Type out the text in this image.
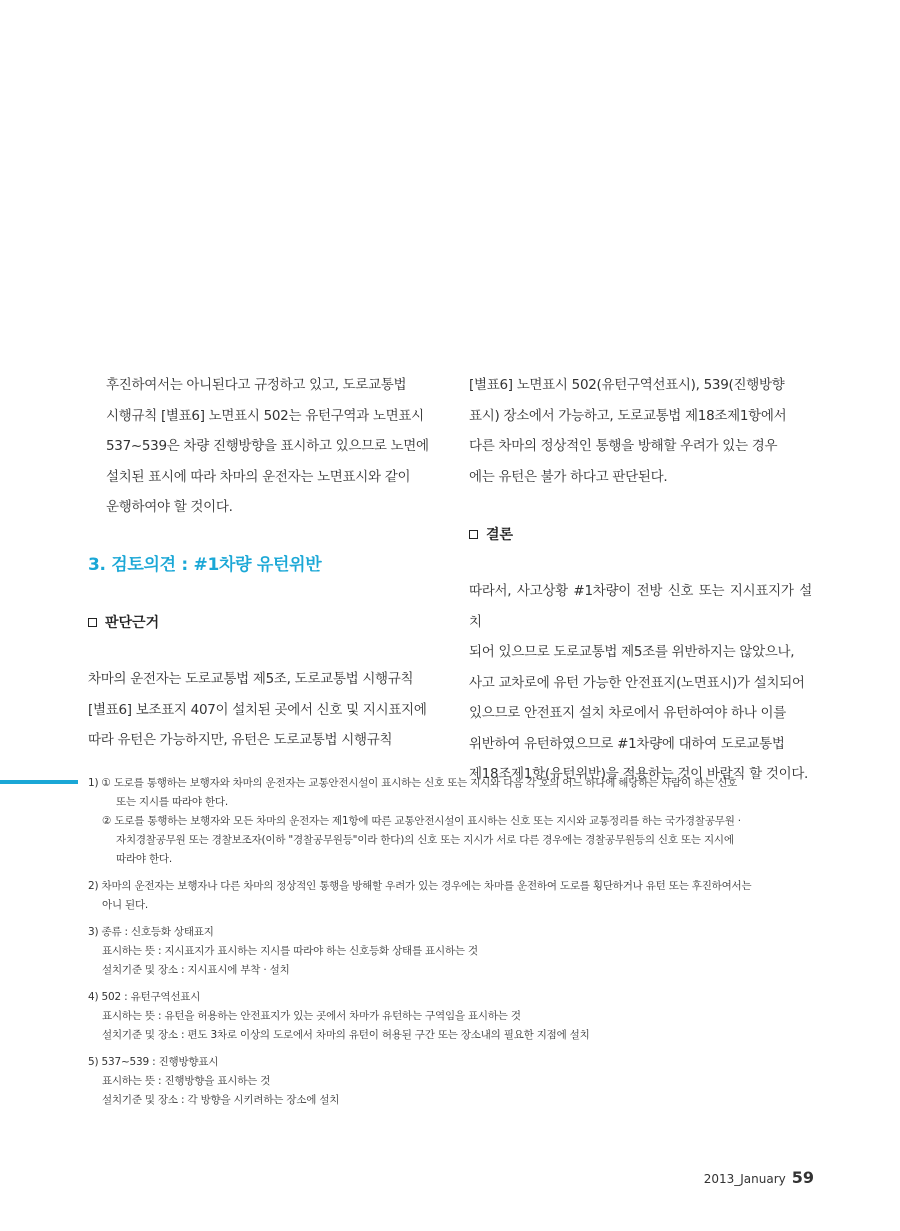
후진하여서는 아니된다고 규정하고 있고, 도로교통법

시행규칙 [별표6] 노면표시 502는 유턴구역과 노면표시

537~539은 차량 진행방향을 표시하고 있으므로 노면에

설치된 표시에 따라 차마의 운전자는 노면표시와 같이

운행하여야 할 것이다.

3. 검토의견 : #1차량 유턴위반

판단근거

차마의 운전자는 도로교통법 제5조, 도로교통법 시행규칙

[별표6] 보조표지 407이 설치된 곳에서 신호 및 지시표지에

따라 유턴은 가능하지만, 유턴은 도로교통법 시행규칙

[별표6] 노면표시 502(유턴구역선표시), 539(진행방향

표시) 장소에서 가능하고, 도로교통법 제18조제1항에서

다른 차마의 정상적인 통행을 방해할 우려가 있는 경우

에는 유턴은 불가 하다고 판단된다.

결론

따라서, 사고상황 #1차량이 전방 신호 또는 지시표지가 설치

되어 있으므로 도로교통법 제5조를 위반하지는 않았으나,

사고 교차로에 유턴 가능한 안전표지(노면표시)가 설치되어

있으므로 안전표지 설치 차로에서 유턴하여야 하나 이를

위반하여 유턴하였으므로 #1차량에 대하여 도로교통법

제18조제1항(유턴위반)을 적용하는 것이 바람직 할 것이다.

1) ① 도로를 통행하는 보행자와 차마의 운전자는 교통안전시설이 표시하는 신호 또는 지시와 다음 각 호의 어느 하나에 해당하는 사람이 하는 신호

또는 지시를 따라야 한다.

② 도로를 통행하는 보행자와 모든 차마의 운전자는 제1항에 따른 교통안전시설이 표시하는 신호 또는 지시와 교통정리를 하는 국가경찰공무원 ·

자치경찰공무원 또는 경찰보조자(이하 "경찰공무원등"이라 한다)의 신호 또는 지시가 서로 다른 경우에는 경찰공무원등의 신호 또는 지시에

따라야 한다.

2) 차마의 운전자는 보행자나 다른 차마의 정상적인 통행을 방해할 우려가 있는 경우에는 차마를 운전하여 도로를 횡단하거나 유턴 또는 후진하여서는

아니 된다.

3) 종류 : 신호등화 상태표지

표시하는 뜻 : 지시표지가 표시하는 지시를 따라야 하는 신호등화 상태를 표시하는 것

설치기준 및 장소 : 지시표시에 부착 · 설치

4) 502 : 유턴구역선표시

표시하는 뜻 : 유턴을 허용하는 안전표지가 있는 곳에서 차마가 유턴하는 구역임을 표시하는 것

설치기준 및 장소 : 편도 3차로 이상의 도로에서 차마의 유턴이 허용된 구간 또는 장소내의 필요한 지점에 설치

5) 537~539 : 진행방향표시

표시하는 뜻 : 진행방향을 표시하는 것

설치기준 및 장소 : 각 방향을 시키려하는 장소에 설치

2013_January 59
